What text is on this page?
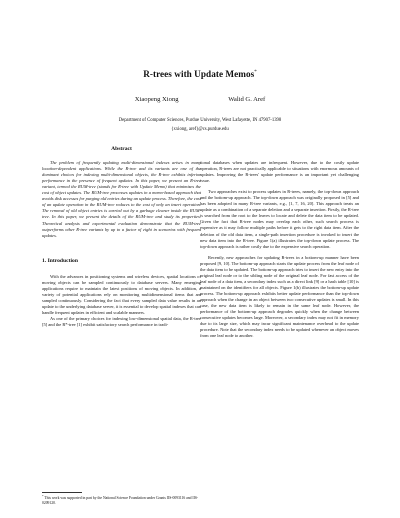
R-trees with Update Memos*
Xiaopeng Xiong	Walid G. Aref
Department of Computer Sciences, Purdue University, West Lafayette, IN 47907-1398
{xxiong, aref}@cs.purdue.edu
Abstract

The problem of frequently updating multi-dimensional indexes arises in many location-dependent applications. While the R-tree and its variants are one of the dominant choices for indexing multi-dimensional objects, the R-tree exhibits inferior performance in the presence of frequent updates. In this paper, we present an R-tree variant, termed the RUM-tree (stands for R-tree with Update Memo) that minimizes the cost of object updates. The RUM-tree processes updates in a memo-based approach that avoids disk accesses for purging old entries during an update process. Therefore, the cost of an update operation in the RUM-tree reduces to the cost of only an insert operation. The removal of old object entries is carried out by a garbage cleaner inside the RUM-tree. In this paper, we present the details of the RUM-tree and study its properties. Theoretical analysis and experimental evaluation demonstrate that the RUM-tree outperforms other R-tree variants by up to a factor of eight in scenarios with frequent updates.

1. Introduction

With the advances in positioning systems and wireless devices, spatial locations of moving objects can be sampled continuously to database servers. Many emerging applications require to maintain the latest positions of moving objects. In addition, a variety of potential applications rely on monitoring multidimensional items that are sampled continuously. Considering the fact that every sampled data value results in an update to the underlying database server, it is essential to develop spatial indexes that can handle frequent updates in efficient and scalable manners.

As one of the primary choices for indexing low-dimensional spatial data, the R-tree [5] and the R*-tree [1] exhibit satisfactory search performance in tradi-

tional databases when updates are infrequent. However, due to the costly update operation, R-trees are not practically applicable to situations with enormous amounts of updates. Improving the R-trees' update performance is an important yet challenging issue.

Two approaches exist to process updates in R-trees, namely, the top-down approach and the bottom-up approach. The top-down approach was originally proposed in [5] and has been adopted in many R-tree variants, e.g., [1, 7, 16, 20]. This approach treats an update as a combination of a separate deletion and a separate insertion. Firstly, the R-tree is searched from the root to the leaves to locate and delete the data item to be updated. Given the fact that R-tree nodes may overlap each other, such search process is expensive as it may follow multiple paths before it gets to the right data item. After the deletion of the old data item, a single-path insertion procedure is invoked to insert the new data item into the R-tree. Figure 1(a) illustrates the top-down update process. The top-down approach is rather costly due to the expensive search operation.

Recently, new approaches for updating R-trees in a bottom-up manner have been proposed [9, 10]. The bottom-up approach starts the update process from the leaf node of the data item to be updated. The bottom-up approach tries to insert the new entry into the original leaf node or to the sibling node of the original leaf node. For fast access of the leaf node of a data item, a secondary index such as a direct link [9] or a hash table [10] is maintained on the identifiers for all objects. Figure 1(b) illustrates the bottom-up update process. The bottom-up approach exhibits better update performance than the top-down approach when the change in an object between two consecutive updates is small. In this case, the new data item is likely to remain in the same leaf node. However, the performance of the bottom-up approach degrades quickly when the change between consecutive updates becomes large. Moreover, a secondary index may not fit in memory due to its large size, which may incur significant maintenance overhead to the update procedure. Note that the secondary index needs to be updated whenever an object moves from one leaf node to another.

* This work was supported in part by the National Science Foundation under Grants IIS-0093116 and IIS-0209120.
